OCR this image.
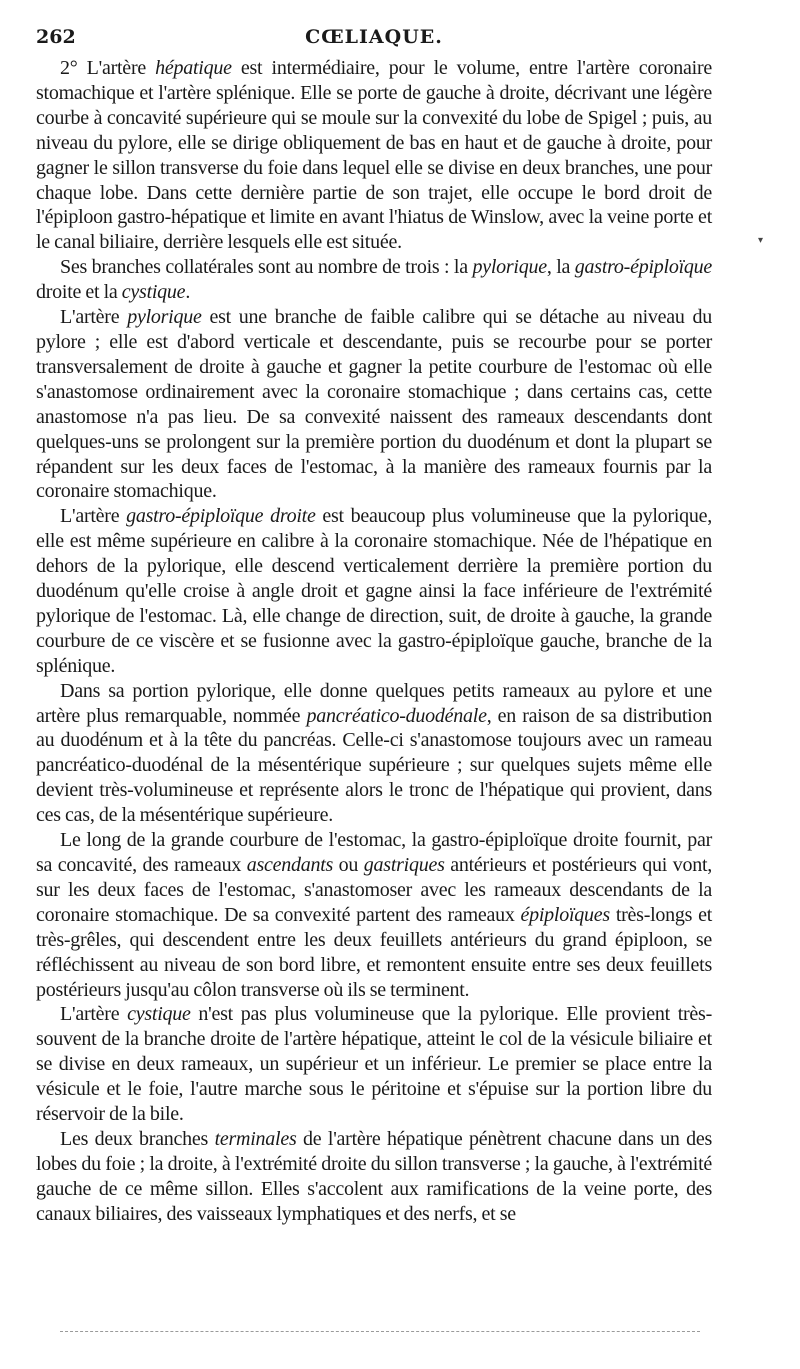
262	CŒLIAQUE.

2° L'artère hépatique est intermédiaire, pour le volume, entre l'artère coronaire stomachique et l'artère splénique. Elle se porte de gauche à droite, décrivant une légère courbe à concavité supérieure qui se moule sur la convexité du lobe de Spigel ; puis, au niveau du pylore, elle se dirige obliquement de bas en haut et de gauche à droite, pour gagner le sillon transverse du foie dans lequel elle se divise en deux branches, une pour chaque lobe. Dans cette dernière partie de son trajet, elle occupe le bord droit de l'épiploon gastro-hépatique et limite en avant l'hiatus de Winslow, avec la veine porte et le canal biliaire, derrière lesquels elle est située.

Ses branches collatérales sont au nombre de trois : la pylorique, la gastro-épiploïque droite et la cystique.

L'artère pylorique est une branche de faible calibre qui se détache au niveau du pylore ; elle est d'abord verticale et descendante, puis se recourbe pour se porter transversalement de droite à gauche et gagner la petite courbure de l'estomac où elle s'anastomose ordinairement avec la coronaire stomachique ; dans certains cas, cette anastomose n'a pas lieu. De sa convexité naissent des rameaux descendants dont quelques-uns se prolongent sur la première portion du duodénum et dont la plupart se répandent sur les deux faces de l'estomac, à la manière des rameaux fournis par la coronaire stomachique.

L'artère gastro-épiploïque droite est beaucoup plus volumineuse que la pylorique, elle est même supérieure en calibre à la coronaire stomachique. Née de l'hépatique en dehors de la pylorique, elle descend verticalement derrière la première portion du duodénum qu'elle croise à angle droit et gagne ainsi la face inférieure de l'extrémité pylorique de l'estomac. Là, elle change de direction, suit, de droite à gauche, la grande courbure de ce viscère et se fusionne avec la gastro-épiploïque gauche, branche de la splénique.

Dans sa portion pylorique, elle donne quelques petits rameaux au pylore et une artère plus remarquable, nommée pancréatico-duodénale, en raison de sa distribution au duodénum et à la tête du pancréas. Celle-ci s'anastomose toujours avec un rameau pancréatico-duodénal de la mésentérique supérieure ; sur quelques sujets même elle devient très-volumineuse et représente alors le tronc de l'hépatique qui provient, dans ces cas, de la mésentérique supérieure.

Le long de la grande courbure de l'estomac, la gastro-épiploïque droite fournit, par sa concavité, des rameaux ascendants ou gastriques antérieurs et postérieurs qui vont, sur les deux faces de l'estomac, s'anastomoser avec les rameaux descendants de la coronaire stomachique. De sa convexité partent des rameaux épiploïques très-longs et très-grêles, qui descendent entre les deux feuillets antérieurs du grand épiploon, se réfléchissent au niveau de son bord libre, et remontent ensuite entre ses deux feuillets postérieurs jusqu'au côlon transverse où ils se terminent.

L'artère cystique n'est pas plus volumineuse que la pylorique. Elle provient très-souvent de la branche droite de l'artère hépatique, atteint le col de la vésicule biliaire et se divise en deux rameaux, un supérieur et un inférieur. Le premier se place entre la vésicule et le foie, l'autre marche sous le péritoine et s'épuise sur la portion libre du réservoir de la bile.

Les deux branches terminales de l'artère hépatique pénètrent chacune dans un des lobes du foie ; la droite, à l'extrémité droite du sillon transverse ; la gauche, à l'extrémité gauche de ce même sillon. Elles s'accolent aux ramifications de la veine porte, des canaux biliaires, des vaisseaux lymphatiques et des nerfs, et se

▾
